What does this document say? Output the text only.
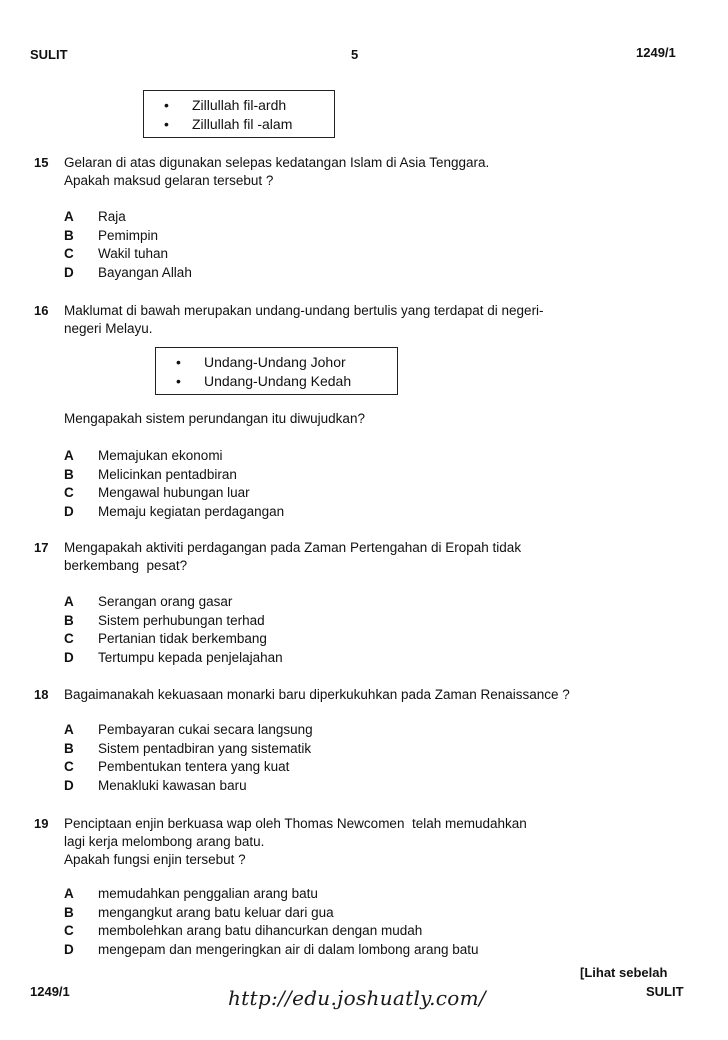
SULIT	5	1249/1
• Zillullah fil-ardh
• Zillullah fil -alam
15 Gelaran di atas digunakan selepas kedatangan Islam di Asia Tenggara.
Apakah maksud gelaran tersebut ?
A	Raja
B	Pemimpin
C	Wakil tuhan
D	Bayangan Allah
16 Maklumat di bawah merupakan undang-undang bertulis yang terdapat di negeri-
negeri Melayu.
• Undang-Undang Johor
• Undang-Undang Kedah
Mengapakah sistem perundangan itu diwujudkan?
A	Memajukan ekonomi
B	Melicinkan pentadbiran
C	Mengawal hubungan luar
D	Memaju kegiatan perdagangan
17 Mengapakah aktiviti perdagangan pada Zaman Pertengahan di Eropah tidak
berkembang  pesat?
A	Serangan orang gasar
B	Sistem perhubungan terhad
C	Pertanian tidak berkembang
D	Tertumpu kepada penjelajahan
18 Bagaimanakah kekuasaan monarki baru diperkukuhkan pada Zaman Renaissance ?
A	Pembayaran cukai secara langsung
B	Sistem pentadbiran yang sistematik
C	Pembentukan tentera yang kuat
D	Menakluki kawasan baru
19 Penciptaan enjin berkuasa wap oleh Thomas Newcomen  telah memudahkan
lagi kerja melombong arang batu.
Apakah fungsi enjin tersebut ?
A	memudahkan penggalian arang batu
B	mengangkut arang batu keluar dari gua
C	membolehkan arang batu dihancurkan dengan mudah
D	mengepam dan mengeringkan air di dalam lombong arang batu
[Lihat sebelah
1249/1	SULIT
http://edu.joshuatly.com/
